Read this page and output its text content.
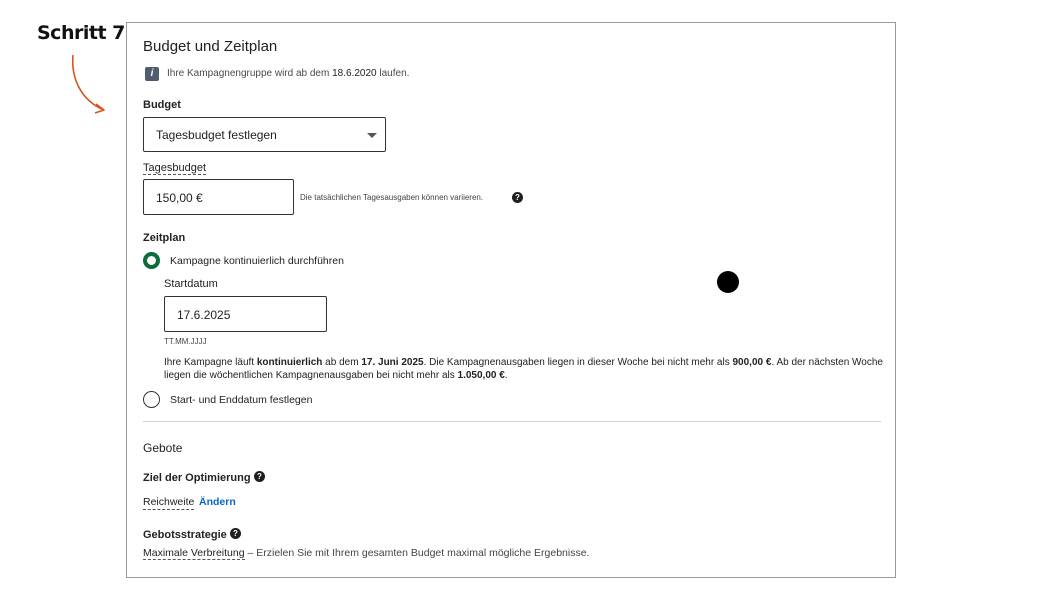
Schritt 7
Budget und Zeitplan
i	Ihre Kampagnengruppe wird ab dem 18.6.2020 laufen.
Budget
Tagesbudget festlegen
Tagesbudget
150,00 €	Die tatsächlichen Tagesausgaben können variieren.	?
Zeitplan
Kampagne kontinuierlich durchführen
Startdatum
17.6.2025
TT.MM.JJJJ
Ihre Kampagne läuft kontinuierlich ab dem 17. Juni 2025. Die Kampagnenausgaben liegen in dieser Woche bei nicht mehr als 900,00 €. Ab der nächsten Woche liegen die wöchentlichen Kampagnenausgaben bei nicht mehr als 1.050,00 €.
Start- und Enddatum festlegen
Gebote
Ziel der Optimierung ?
Reichweite Ändern
Gebotsstrategie ?
Maximale Verbreitung – Erzielen Sie mit Ihrem gesamten Budget maximal mögliche Ergebnisse.
